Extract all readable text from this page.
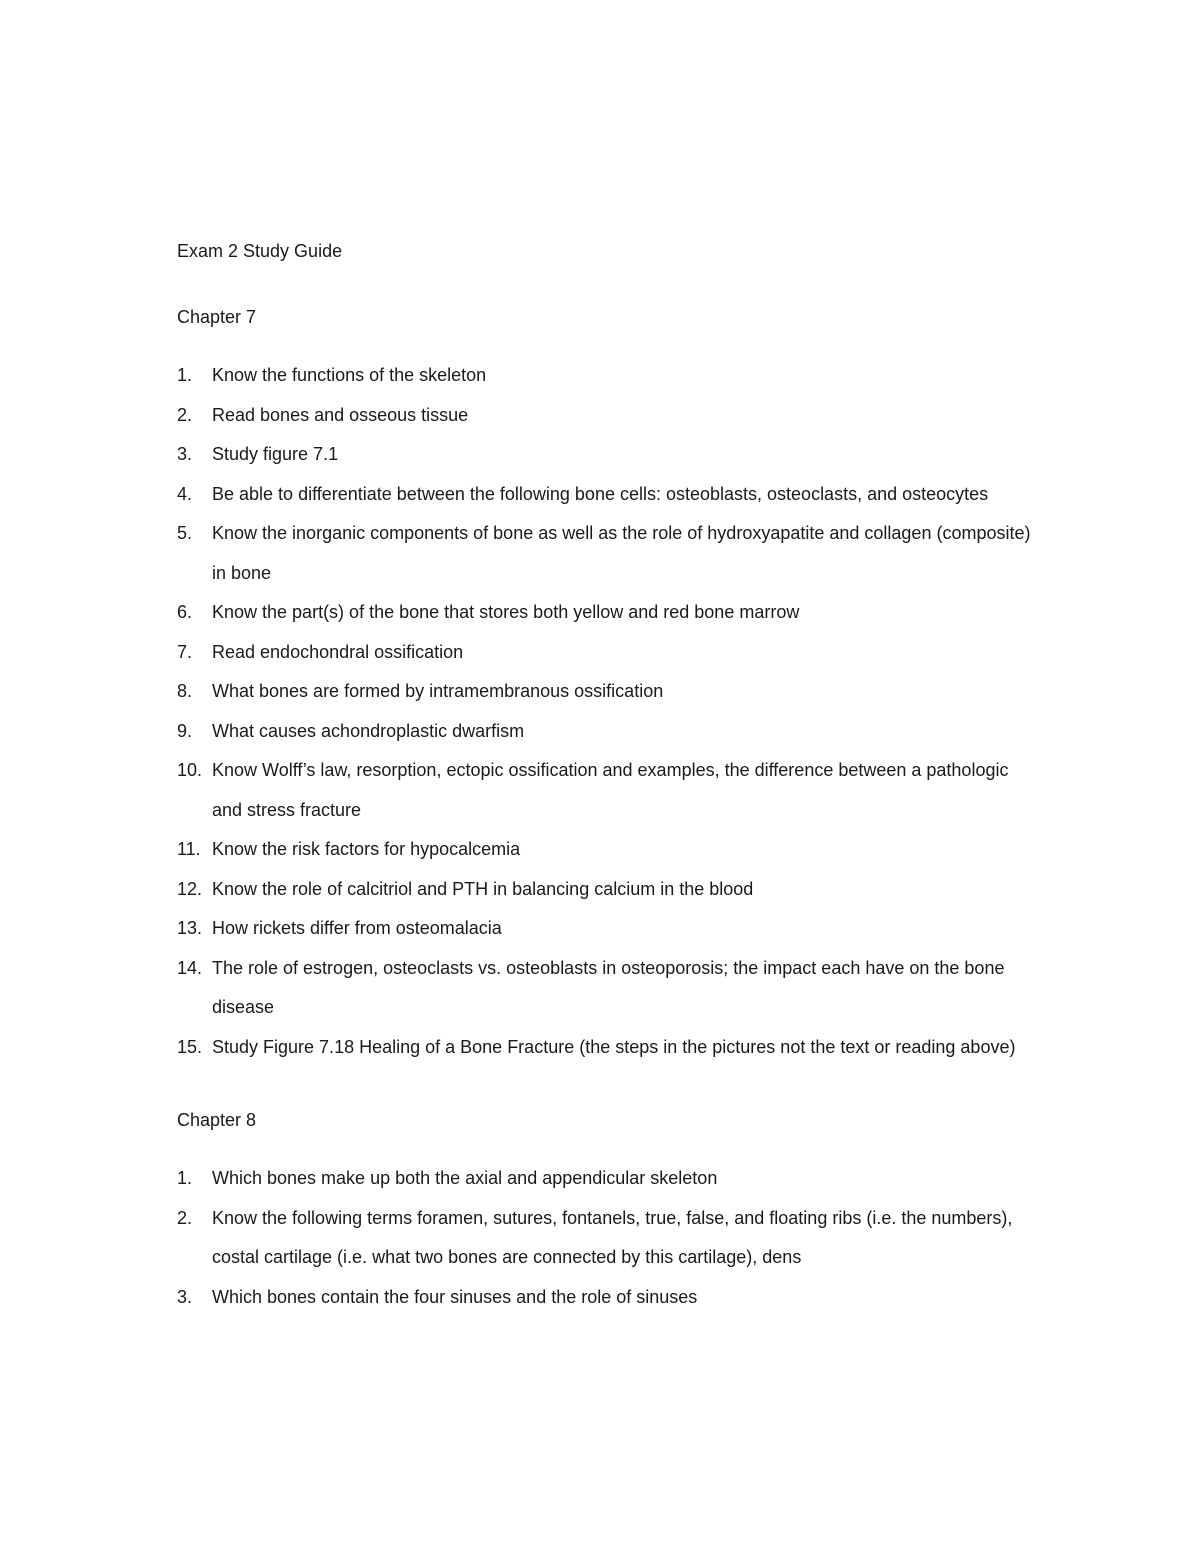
Exam 2 Study Guide
Chapter 7
1.	Know the functions of the skeleton
2.	Read bones and osseous tissue
3.	Study figure 7.1
4.	Be able to differentiate between the following bone cells: osteoblasts, osteoclasts, and osteocytes
5.	Know the inorganic components of bone as well as the role of hydroxyapatite and collagen (composite) in bone
6.	Know the part(s) of the bone that stores both yellow and red bone marrow
7.	Read endochondral ossification
8.	What bones are formed by intramembranous ossification
9.	What causes achondroplastic dwarfism
10. Know Wolff’s law, resorption, ectopic ossification and examples, the difference between a pathologic and stress fracture
11. Know the risk factors for hypocalcemia
12. Know the role of calcitriol and PTH in balancing calcium in the blood
13. How rickets differ from osteomalacia
14. The role of estrogen, osteoclasts vs. osteoblasts in osteoporosis; the impact each have on the bone disease
15. Study Figure 7.18 Healing of a Bone Fracture (the steps in the pictures not the text or reading above)
Chapter 8
1.	Which bones make up both the axial and appendicular skeleton
2.	Know the following terms foramen, sutures, fontanels, true, false, and floating ribs (i.e. the numbers), costal cartilage (i.e. what two bones are connected by this cartilage), dens
3.	Which bones contain the four sinuses and the role of sinuses
